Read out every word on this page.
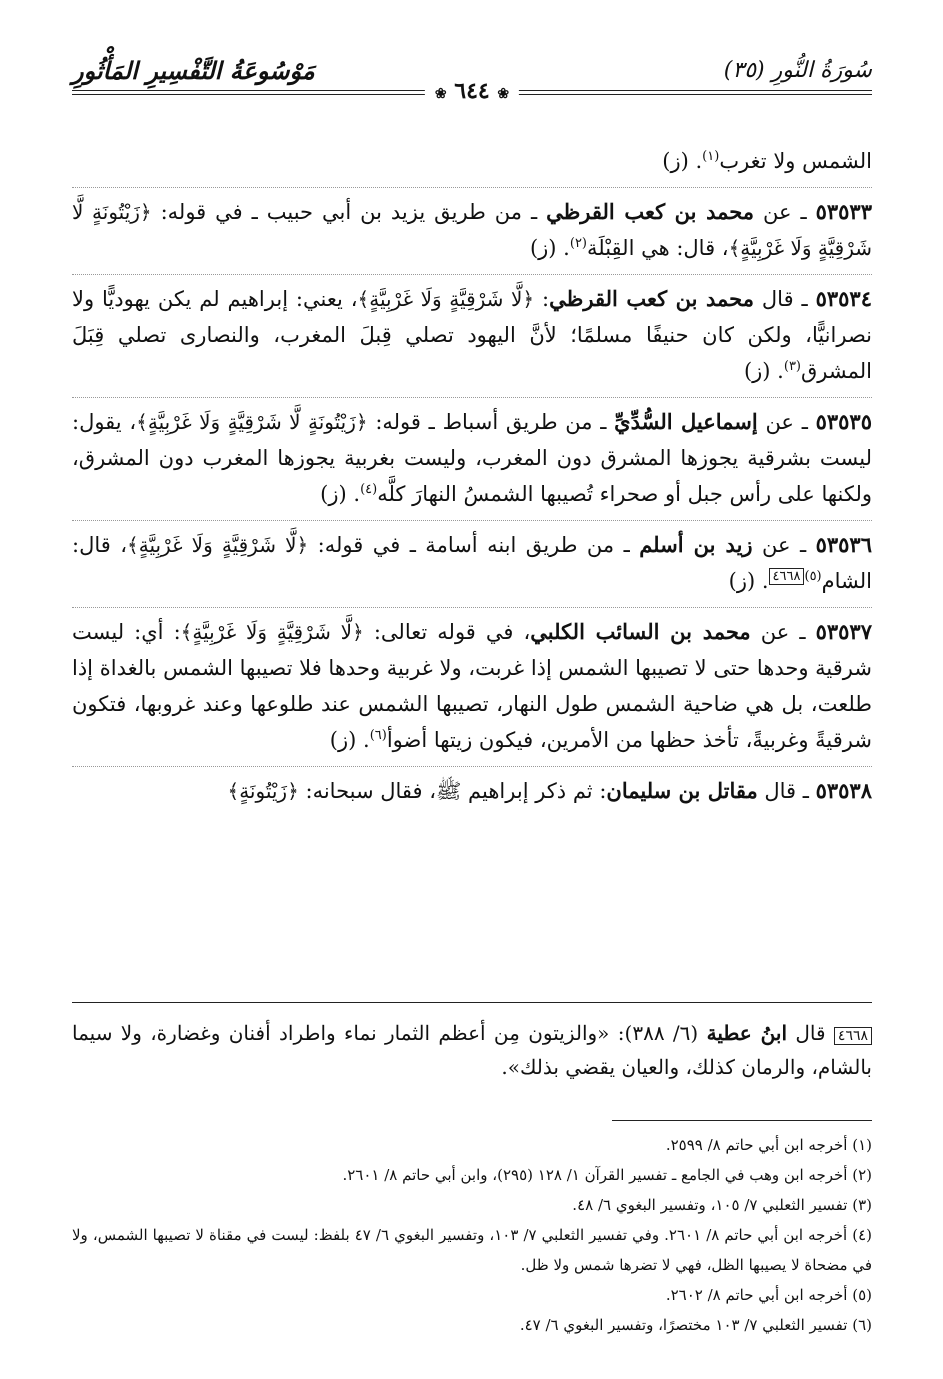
سُورَةُ النُّورِ (٣٥)
مَوْسُوعَةُ التَّفْسِيرِ المَأْثُورِ
❀ ٦٤٤ ❀

الشمس ولا تغرب$^{(١)}$. (ز)

٥٣٥٣٣ ـ عن محمد بن كعب القرظي ـ من طريق يزيد بن أبي حبيب ـ في قوله: ﴿زَيْتُونَةٍ لَّا شَرْقِيَّةٍ وَلَا غَرْبِيَّةٍ﴾، قال: هي القِبْلَة$^{(٢)}$. (ز)

٥٣٥٣٤ ـ قال محمد بن كعب القرظي: ﴿لَّا شَرْقِيَّةٍ وَلَا غَرْبِيَّةٍ﴾، يعني: إبراهيم لم يكن يهوديًّا ولا نصرانيًّا، ولكن كان حنيفًا مسلمًا؛ لأنَّ اليهود تصلي قِبلَ المغرب، والنصارى تصلي قِبَلَ المشرق$^{(٣)}$. (ز)

٥٣٥٣٥ ـ عن إسماعيل السُّدِّيِّ ـ من طريق أسباط ـ قوله: ﴿زَيْتُونَةٍ لَّا شَرْقِيَّةٍ وَلَا غَرْبِيَّةٍ﴾، يقول: ليست بشرقية يجوزها المشرق دون المغرب، وليست بغربية يجوزها المغرب دون المشرق، ولكنها على رأس جبل أو صحراء تُصيبها الشمسُ النهارَ كلَّه$^{(٤)}$. (ز)

٥٣٥٣٦ ـ عن زيد بن أسلم ـ من طريق ابنه أسامة ـ في قوله: ﴿لَّا شَرْقِيَّةٍ وَلَا غَرْبِيَّةٍ﴾، قال: الشام$^{(٥)٤٦٦٨}$. (ز)

٥٣٥٣٧ ـ عن محمد بن السائب الكلبي، في قوله تعالى: ﴿لَّا شَرْقِيَّةٍ وَلَا غَرْبِيَّةٍ﴾: أي: ليست شرقية وحدها حتى لا تصيبها الشمس إذا غربت، ولا غربية وحدها فلا تصيبها الشمس بالغداة إذا طلعت، بل هي ضاحية الشمس طول النهار، تصيبها الشمس عند طلوعها وعند غروبها، فتكون شرقيةً وغربيةً، تأخذ حظها من الأمرين، فيكون زيتها أضوأ$^{(٦)}$. (ز)

٥٣٥٣٨ ـ قال مقاتل بن سليمان: ثم ذكر إبراهيم ﷺ، فقال سبحانه: ﴿زَيْتُونَةٍ﴾

٤٦٦٨ قال ابنُ عطية (٦/ ٣٨٨): «والزيتون مِن أعظم الثمار نماء واطراد أفنان وغضارة، ولا سيما بالشام، والرمان كذلك، والعيان يقضي بذلك».
(١) أخرجه ابن أبي حاتم ٨/ ٢٥٩٩.
(٢) أخرجه ابن وهب في الجامع ـ تفسير القرآن ١/ ١٢٨ (٢٩٥)، وابن أبي حاتم ٨/ ٢٦٠١.
(٣) تفسير الثعلبي ٧/ ١٠٥، وتفسير البغوي ٦/ ٤٨.
(٤) أخرجه ابن أبي حاتم ٨/ ٢٦٠١. وفي تفسير الثعلبي ٧/ ١٠٣، وتفسير البغوي ٦/ ٤٧ بلفظ: ليست في مقناة لا تصيبها الشمس، ولا في مضحاة لا يصيبها الظل، فهي لا تضرها شمس ولا ظل.
(٥) أخرجه ابن أبي حاتم ٨/ ٢٦٠٢.
(٦) تفسير الثعلبي ٧/ ١٠٣ مختصرًا، وتفسير البغوي ٦/ ٤٧.
